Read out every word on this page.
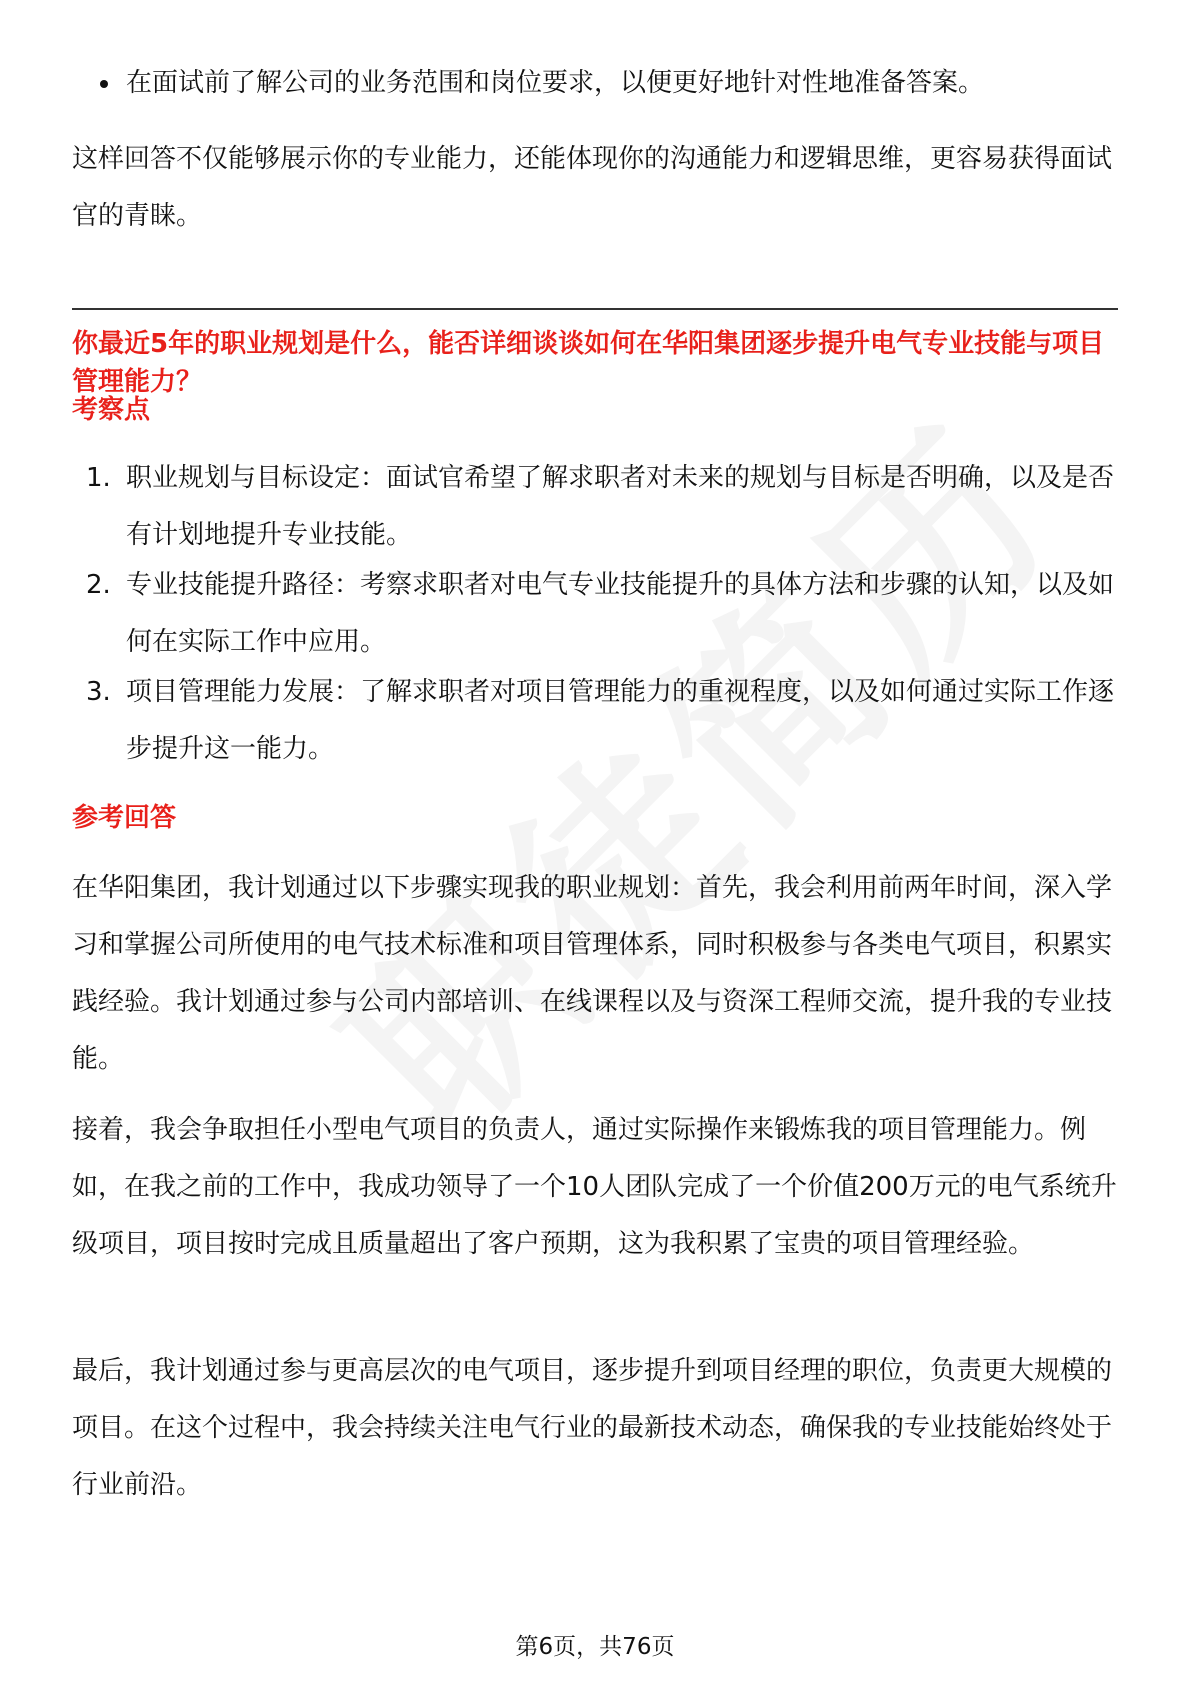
在面试前了解公司的业务范围和岗位要求，以便更好地针对性地准备答案。

这样回答不仅能够展示你的专业能力，还能体现你的沟通能力和逻辑思维，更容易获得面试官的青睐。

你最近5年的职业规划是什么，能否详细谈谈如何在华阳集团逐步提升电气专业技能与项目管理能力？

考察点

1. 职业规划与目标设定：面试官希望了解求职者对未来的规划与目标是否明确，以及是否有计划地提升专业技能。
2. 专业技能提升路径：考察求职者对电气专业技能提升的具体方法和步骤的认知，以及如何在实际工作中应用。
3. 项目管理能力发展：了解求职者对项目管理能力的重视程度，以及如何通过实际工作逐步提升这一能力。

参考回答

在华阳集团，我计划通过以下步骤实现我的职业规划：首先，我会利用前两年时间，深入学习和掌握公司所使用的电气技术标准和项目管理体系，同时积极参与各类电气项目，积累实践经验。我计划通过参与公司内部培训、在线课程以及与资深工程师交流，提升我的专业技能。

接着，我会争取担任小型电气项目的负责人，通过实际操作来锻炼我的项目管理能力。例如，在我之前的工作中，我成功领导了一个10人团队完成了一个价值200万元的电气系统升级项目，项目按时完成且质量超出了客户预期，这为我积累了宝贵的项目管理经验。

最后，我计划通过参与更高层次的电气项目，逐步提升到项目经理的职位，负责更大规模的项目。在这个过程中，我会持续关注电气行业的最新技术动态，确保我的专业技能始终处于行业前沿。

第6页，共76页
